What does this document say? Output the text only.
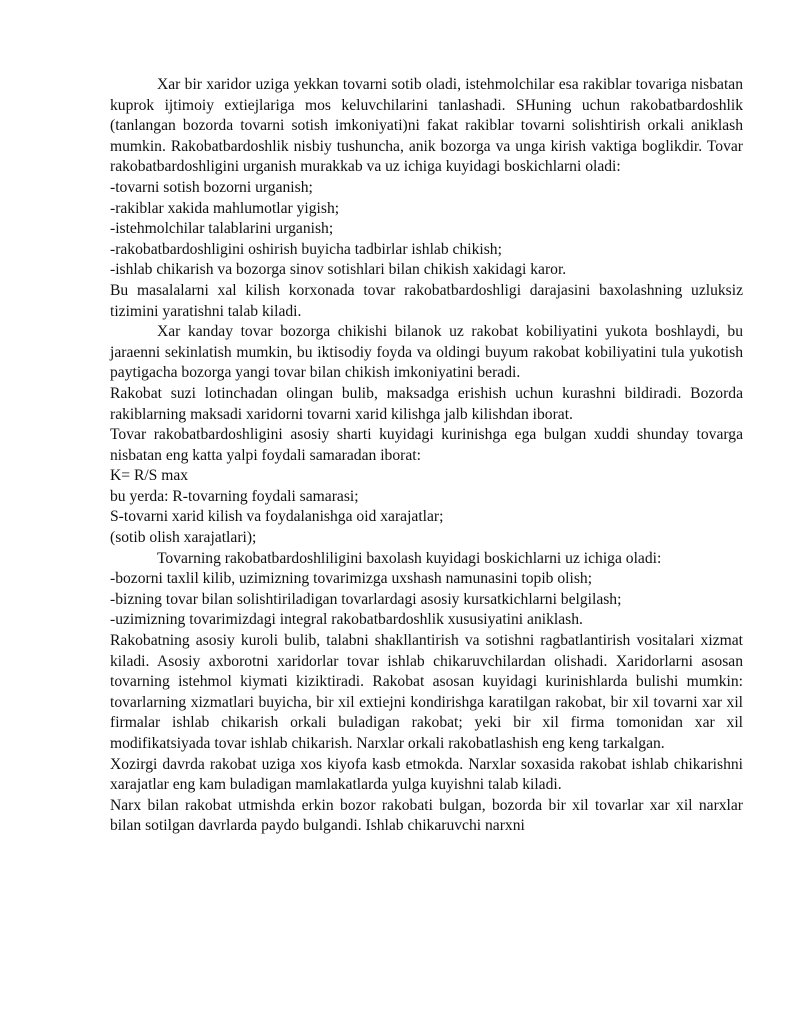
Xar bir xaridor uziga yekkan tovarni sotib oladi, istehmolchilar esa rakiblar tovariga nisbatan kuprok ijtimoiy extiejlariga mos keluvchilarini tanlashadi. SHuning uchun rakobatbardoshlik (tanlangan bozorda tovarni sotish imkoniyati)ni fakat rakiblar tovarni solishtirish orkali aniklash mumkin. Rakobatbardoshlik nisbiy tushuncha, anik bozorga va unga kirish vaktiga boglikdir. Tovar rakobatbardoshligini urganish murakkab va uz ichiga kuyidagi boskichlarni oladi:

-tovarni sotish bozorni urganish;

-rakiblar xakida mahlumotlar yigish;

-istehmolchilar talablarini urganish;

-rakobatbardoshligini oshirish buyicha tadbirlar ishlab chikish;

-ishlab chikarish va bozorga sinov sotishlari bilan chikish xakidagi karor.

Bu masalalarni xal kilish korxonada tovar rakobatbardoshligi darajasini baxolashning uzluksiz tizimini yaratishni talab kiladi.

Xar kanday tovar bozorga chikishi bilanok uz rakobat kobiliyatini yukota boshlaydi, bu jaraenni sekinlatish mumkin, bu iktisodiy foyda va oldingi buyum rakobat kobiliyatini tula yukotish paytigacha bozorga yangi tovar bilan chikish imkoniyatini beradi.

Rakobat suzi lotinchadan olingan bulib, maksadga erishish uchun kurashni bildiradi. Bozorda rakiblarning maksadi xaridorni tovarni xarid kilishga jalb kilishdan iborat.

Tovar rakobatbardoshligini asosiy sharti kuyidagi kurinishga ega bulgan xuddi shunday tovarga nisbatan eng katta yalpi foydali samaradan iborat:

K= R/S max

bu yerda: R-tovarning foydali samarasi;

S-tovarni xarid kilish va foydalanishga oid xarajatlar;

(sotib olish xarajatlari);

Tovarning rakobatbardoshliligini baxolash kuyidagi boskichlarni uz ichiga oladi:

-bozorni taxlil kilib, uzimizning tovarimizga uxshash namunasini topib olish;

-bizning tovar bilan solishtiriladigan tovarlardagi asosiy kursatkichlarni belgilash;

-uzimizning tovarimizdagi integral rakobatbardoshlik xususiyatini aniklash.

Rakobatning asosiy kuroli bulib, talabni shakllantirish va sotishni ragbatlantirish vositalari xizmat kiladi. Asosiy axborotni xaridorlar tovar ishlab chikaruvchilardan olishadi. Xaridorlarni asosan tovarning istehmol kiymati kiziktiradi. Rakobat asosan kuyidagi kurinishlarda bulishi mumkin: tovarlarning xizmatlari buyicha, bir xil extiejni kondirishga karatilgan rakobat, bir xil tovarni xar xil firmalar ishlab chikarish orkali buladigan rakobat; yeki bir xil firma tomonidan xar xil modifikatsiyada tovar ishlab chikarish. Narxlar orkali rakobatlashish eng keng tarkalgan.

Xozirgi davrda rakobat uziga xos kiyofa kasb etmokda. Narxlar soxasida rakobat ishlab chikarishni xarajatlar eng kam buladigan mamlakatlarda yulga kuyishni talab kiladi.

Narx bilan rakobat utmishda erkin bozor rakobati bulgan, bozorda bir xil tovarlar xar xil narxlar bilan sotilgan davrlarda paydo bulgandi. Ishlab chikaruvchi narxni
